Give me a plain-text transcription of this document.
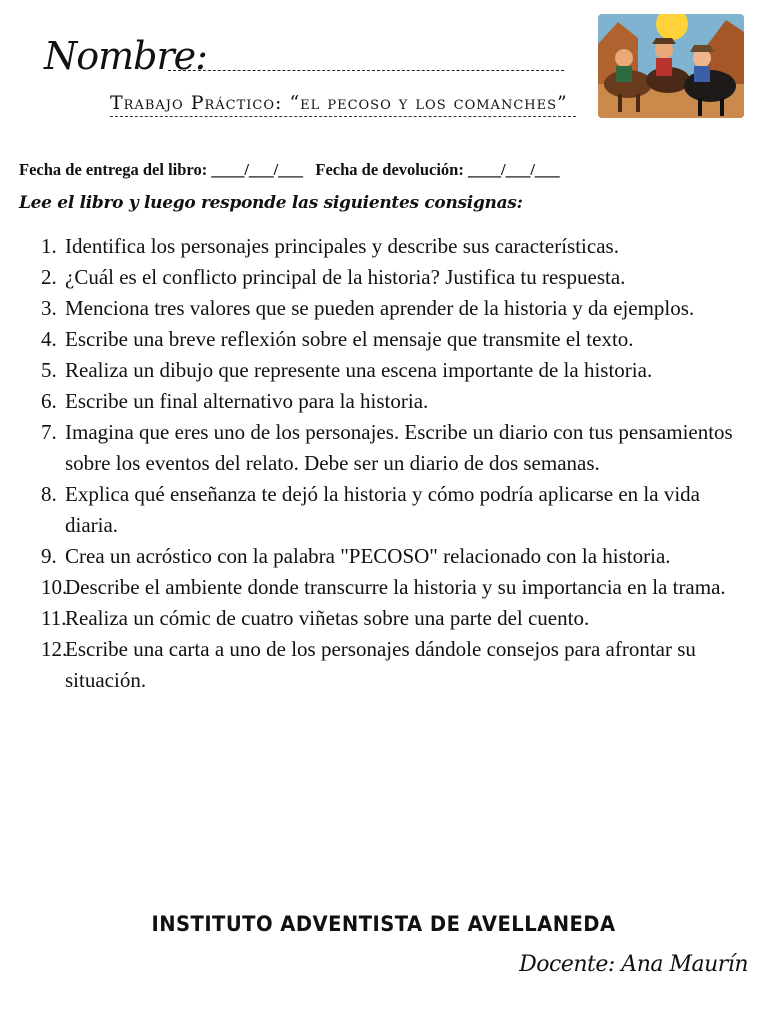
Nombre:
Trabajo Práctico: “el pecoso y los comanches”
Fecha de entrega del libro: ____/___/___   Fecha de devolución: ____/___/___
Lee el libro y luego responde las siguientes consignas:
1. Identifica los personajes principales y describe sus características.
2. ¿Cuál es el conflicto principal de la historia? Justifica tu respuesta.
3. Menciona tres valores que se pueden aprender de la historia y da ejemplos.
4. Escribe una breve reflexión sobre el mensaje que transmite el texto.
5. Realiza un dibujo que represente una escena importante de la historia.
6. Escribe un final alternativo para la historia.
7. Imagina que eres uno de los personajes. Escribe un diario con tus pensamientos sobre los eventos del relato. Debe ser un diario de dos semanas.
8. Explica qué enseñanza te dejó la historia y cómo podría aplicarse en la vida diaria.
9. Crea un acróstico con la palabra "PECOSO" relacionado con la historia.
10.
Describe el ambiente donde transcurre la historia y su importancia en la trama.
11.
Realiza un cómic de cuatro viñetas sobre una parte del cuento.
12.
Escribe una carta a uno de los personajes dándole consejos para afrontar su situación.
INSTITUTO ADVENTISTA DE AVELLANEDA
Docente: Ana Maurín
